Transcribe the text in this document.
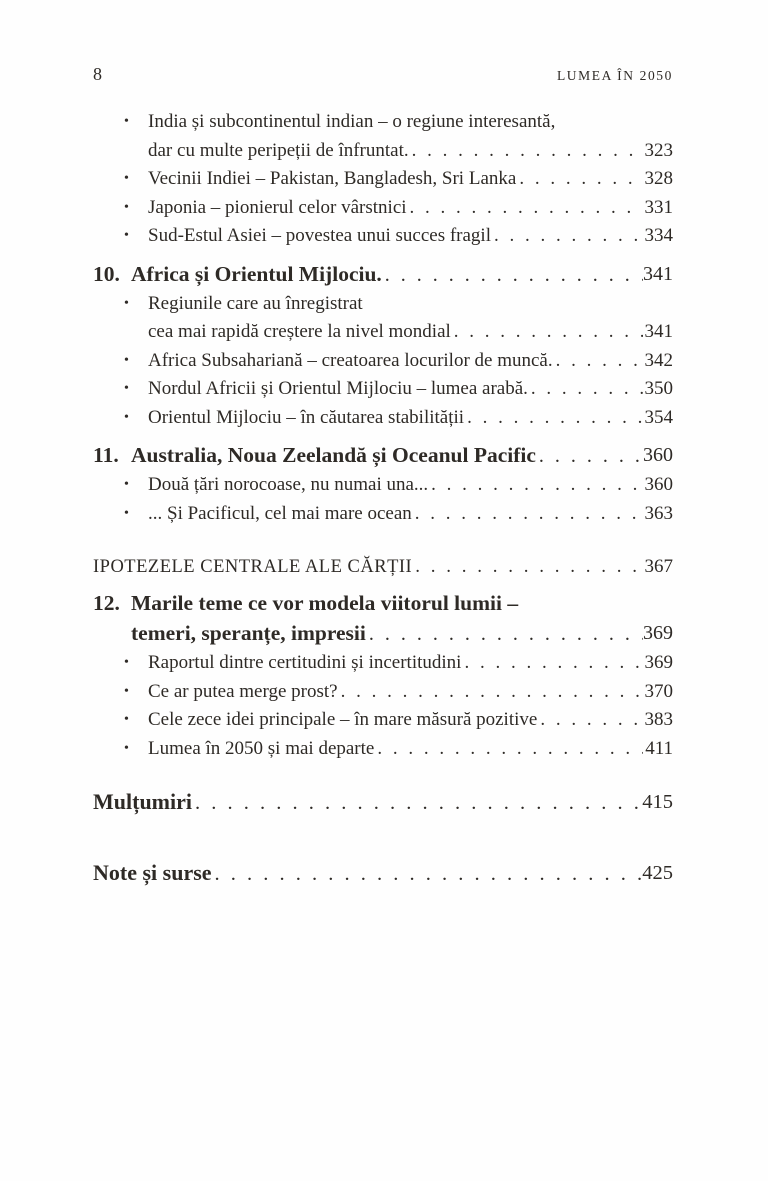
8	LUMEA ÎN 2050
• India și subcontinentul indian – o regiune interesantă,
dar cu multe peripeții de înfruntat. . . .	323
• Vecinii Indiei – Pakistan, Bangladesh, Sri Lanka . . .	328
• Japonia – pionierul celor vârstnici . . .	331
• Sud-Estul Asiei – povestea unui succes fragil . . .	334
10. Africa și Orientul Mijlociu. . . .	341
• Regiunile care au înregistrat
cea mai rapidă creștere la nivel mondial . . .	341
• Africa Subsahariană – creatoarea locurilor de muncă. . . .	342
• Nordul Africii și Orientul Mijlociu – lumea arabă. . . .	350
• Orientul Mijlociu – în căutarea stabilității . . .	354
11. Australia, Noua Zeelandă și Oceanul Pacific . . .	360
• Două țări norocoase, nu numai una... . . .	360
• ... Și Pacificul, cel mai mare ocean . . .	363
IPOTEZELE CENTRALE ALE CĂRȚII . . .	367
12. Marile teme ce vor modela viitorul lumii –
temeri, speranțe, impresii . . .	369
• Raportul dintre certitudini și incertitudini . . .	369
• Ce ar putea merge prost? . . .	370
• Cele zece idei principale – în mare măsură pozitive . . .	383
• Lumea în 2050 și mai departe . . .	411
Mulțumiri . . .	415
Note și surse . . .	425
